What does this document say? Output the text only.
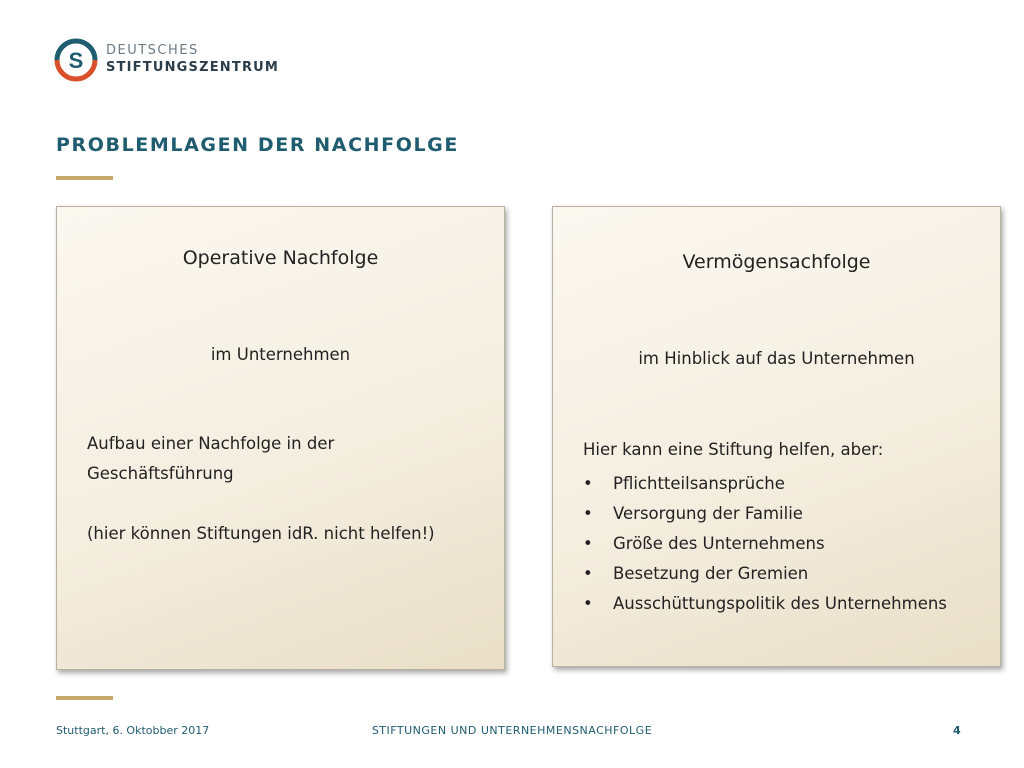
S DEUTSCHES
STIFTUNGSZENTRUM
PROBLEMLAGEN DER NACHFOLGE
Operative Nachfolge
im Unternehmen
Aufbau einer Nachfolge in der
Geschäftsführung
(hier können Stiftungen idR. nicht helfen!)
Vermögensachfolge
im Hinblick auf das Unternehmen
Hier kann eine Stiftung helfen, aber:
• Pflichtteilsansprüche
• Versorgung der Familie
• Größe des Unternehmens
• Besetzung der Gremien
• Ausschüttungspolitik des Unternehmens
Stuttgart, 6. Oktobber 2017	STIFTUNGEN UND UNTERNEHMENSNACHFOLGE	4
